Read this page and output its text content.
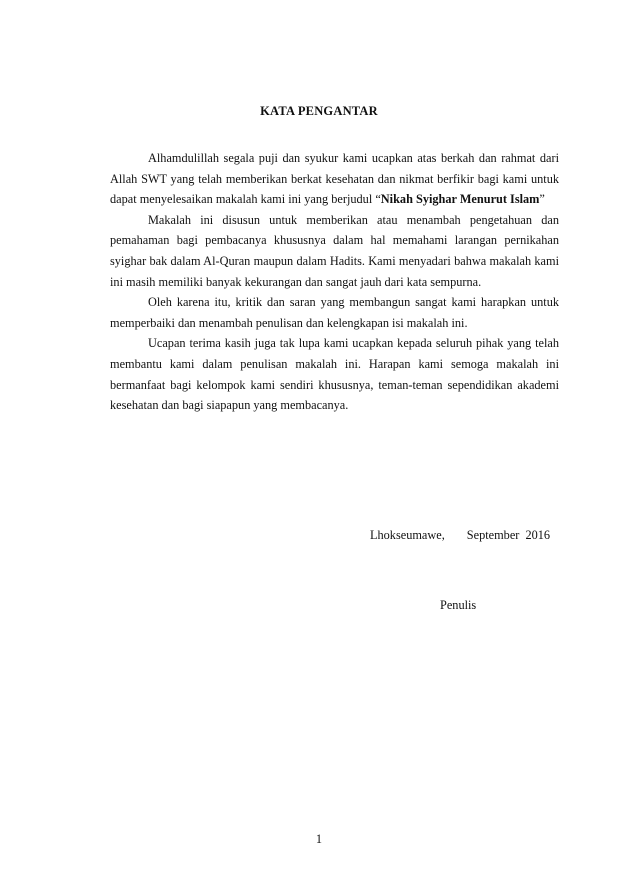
KATA PENGANTAR

Alhamdulillah segala puji dan syukur kami ucapkan atas berkah dan rahmat dari Allah SWT yang telah memberikan berkat kesehatan dan nikmat berfikir bagi kami untuk dapat menyelesaikan makalah kami ini yang berjudul “Nikah Syighar Menurut Islam”

Makalah ini disusun untuk memberikan atau menambah pengetahuan dan pemahaman bagi pembacanya khususnya dalam hal memahami larangan pernikahan syighar bak dalam Al-Quran maupun dalam Hadits. Kami menyadari bahwa makalah kami ini masih memiliki banyak kekurangan dan sangat jauh dari kata sempurna.

Oleh karena itu, kritik dan saran yang membangun sangat kami harapkan untuk memperbaiki dan menambah penulisan dan kelengkapan isi makalah ini.

Ucapan terima kasih juga tak lupa kami ucapkan kepada seluruh pihak yang telah membantu kami dalam penulisan makalah ini. Harapan kami semoga makalah ini bermanfaat bagi kelompok kami sendiri khususnya, teman-teman sependidikan akademi kesehatan dan bagi siapapun yang membacanya.

Lhokseumawe, September 2016
Penulis
1
